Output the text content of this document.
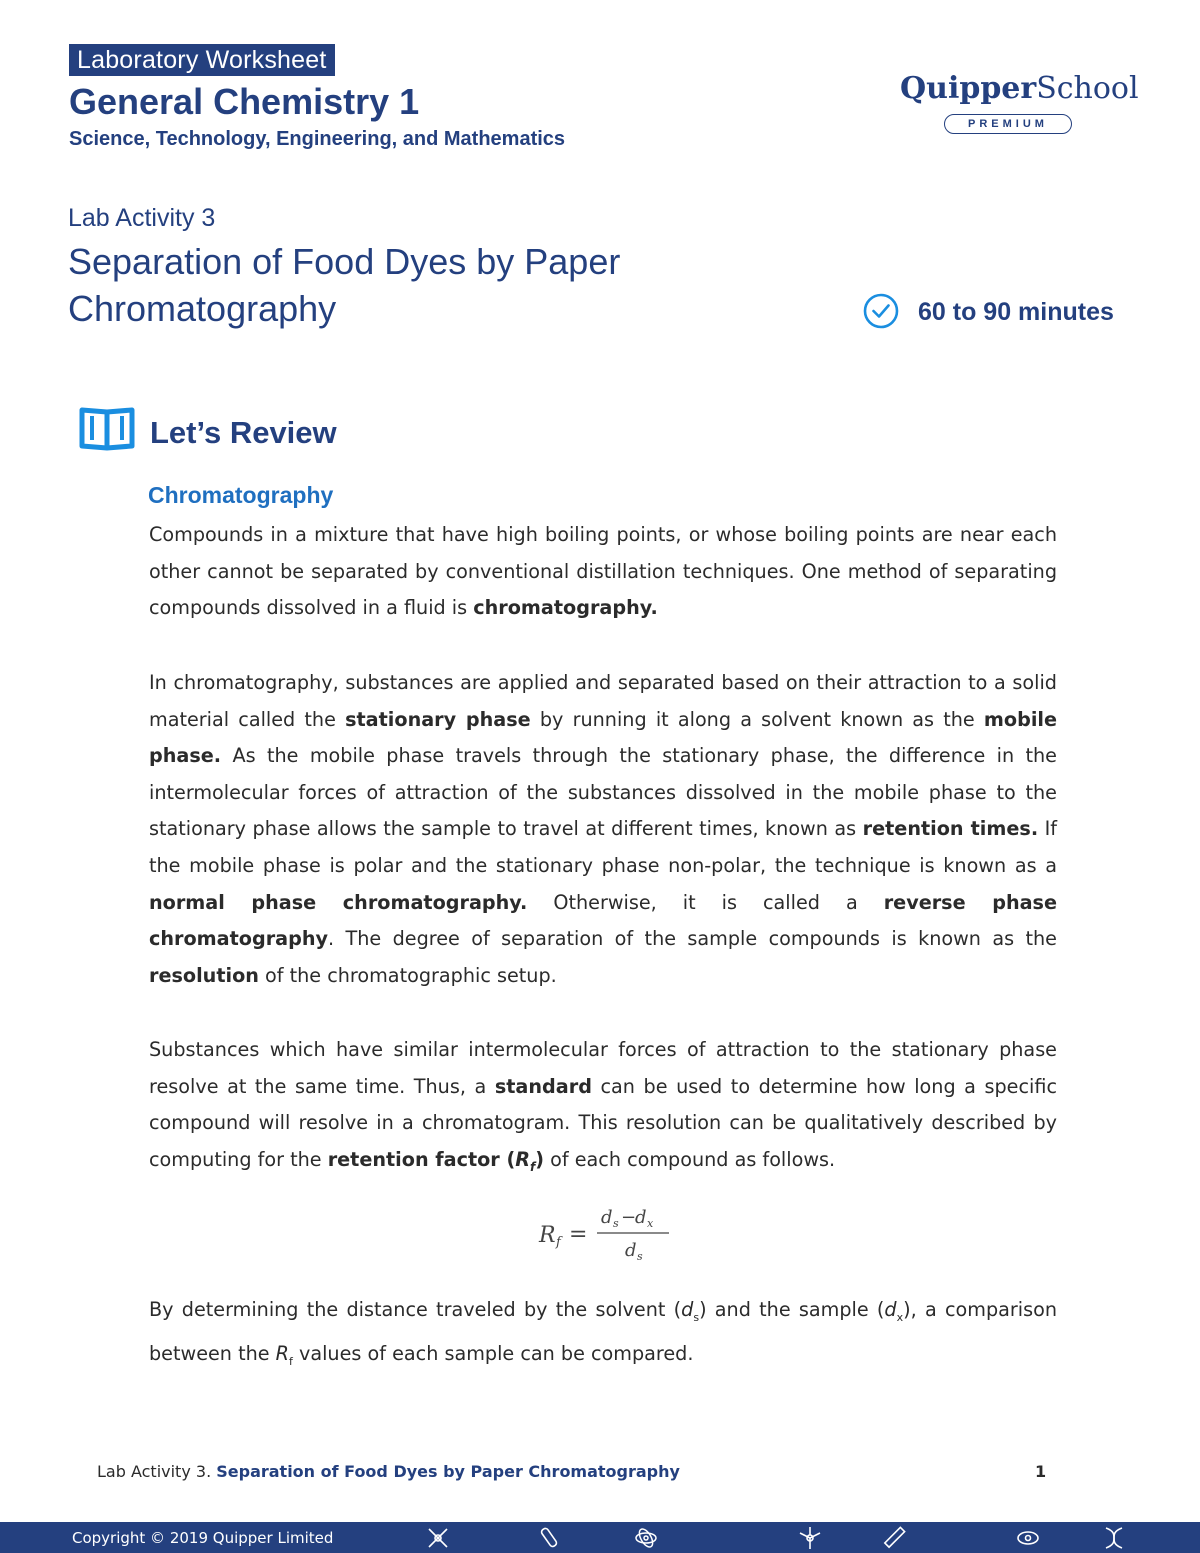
Laboratory Worksheet
General Chemistry 1
Science, Technology, Engineering, and Mathematics
QuipperSchool
PREMIUM
Lab Activity 3
Separation of Food Dyes by Paper Chromatography	60 to 90 minutes
Let’s Review
Chromatography
Compounds in a mixture that have high boiling points, or whose boiling points are near each other cannot be separated by conventional distillation techniques. One method of separating compounds dissolved in a fluid is chromatography.
In chromatography, substances are applied and separated based on their attraction to a solid material called the stationary phase by running it along a solvent known as the mobile phase. As the mobile phase travels through the stationary phase, the difference in the intermolecular forces of attraction of the substances dissolved in the mobile phase to the stationary phase allows the sample to travel at different times, known as retention times. If the mobile phase is polar and the stationary phase non-polar, the technique is known as a normal phase chromatography. Otherwise, it is called a reverse phase chromatography. The degree of separation of the sample compounds is known as the resolution of the chromatographic setup.
Substances which have similar intermolecular forces of attraction to the stationary phase resolve at the same time. Thus, a standard can be used to determine how long a specific compound will resolve in a chromatogram. This resolution can be qualitatively described by computing for the retention factor $(R_f)$ of each compound as follows.
R f =
d s −
d x
d s
By determining the distance traveled by the solvent $(d_s)$ and the sample $(d_x)$, a comparison between the $R_f$ values of each sample can be compared.
Lab Activity 3. Separation of Food Dyes by Paper Chromatography	1
Copyright © 2019 Quipper Limited
